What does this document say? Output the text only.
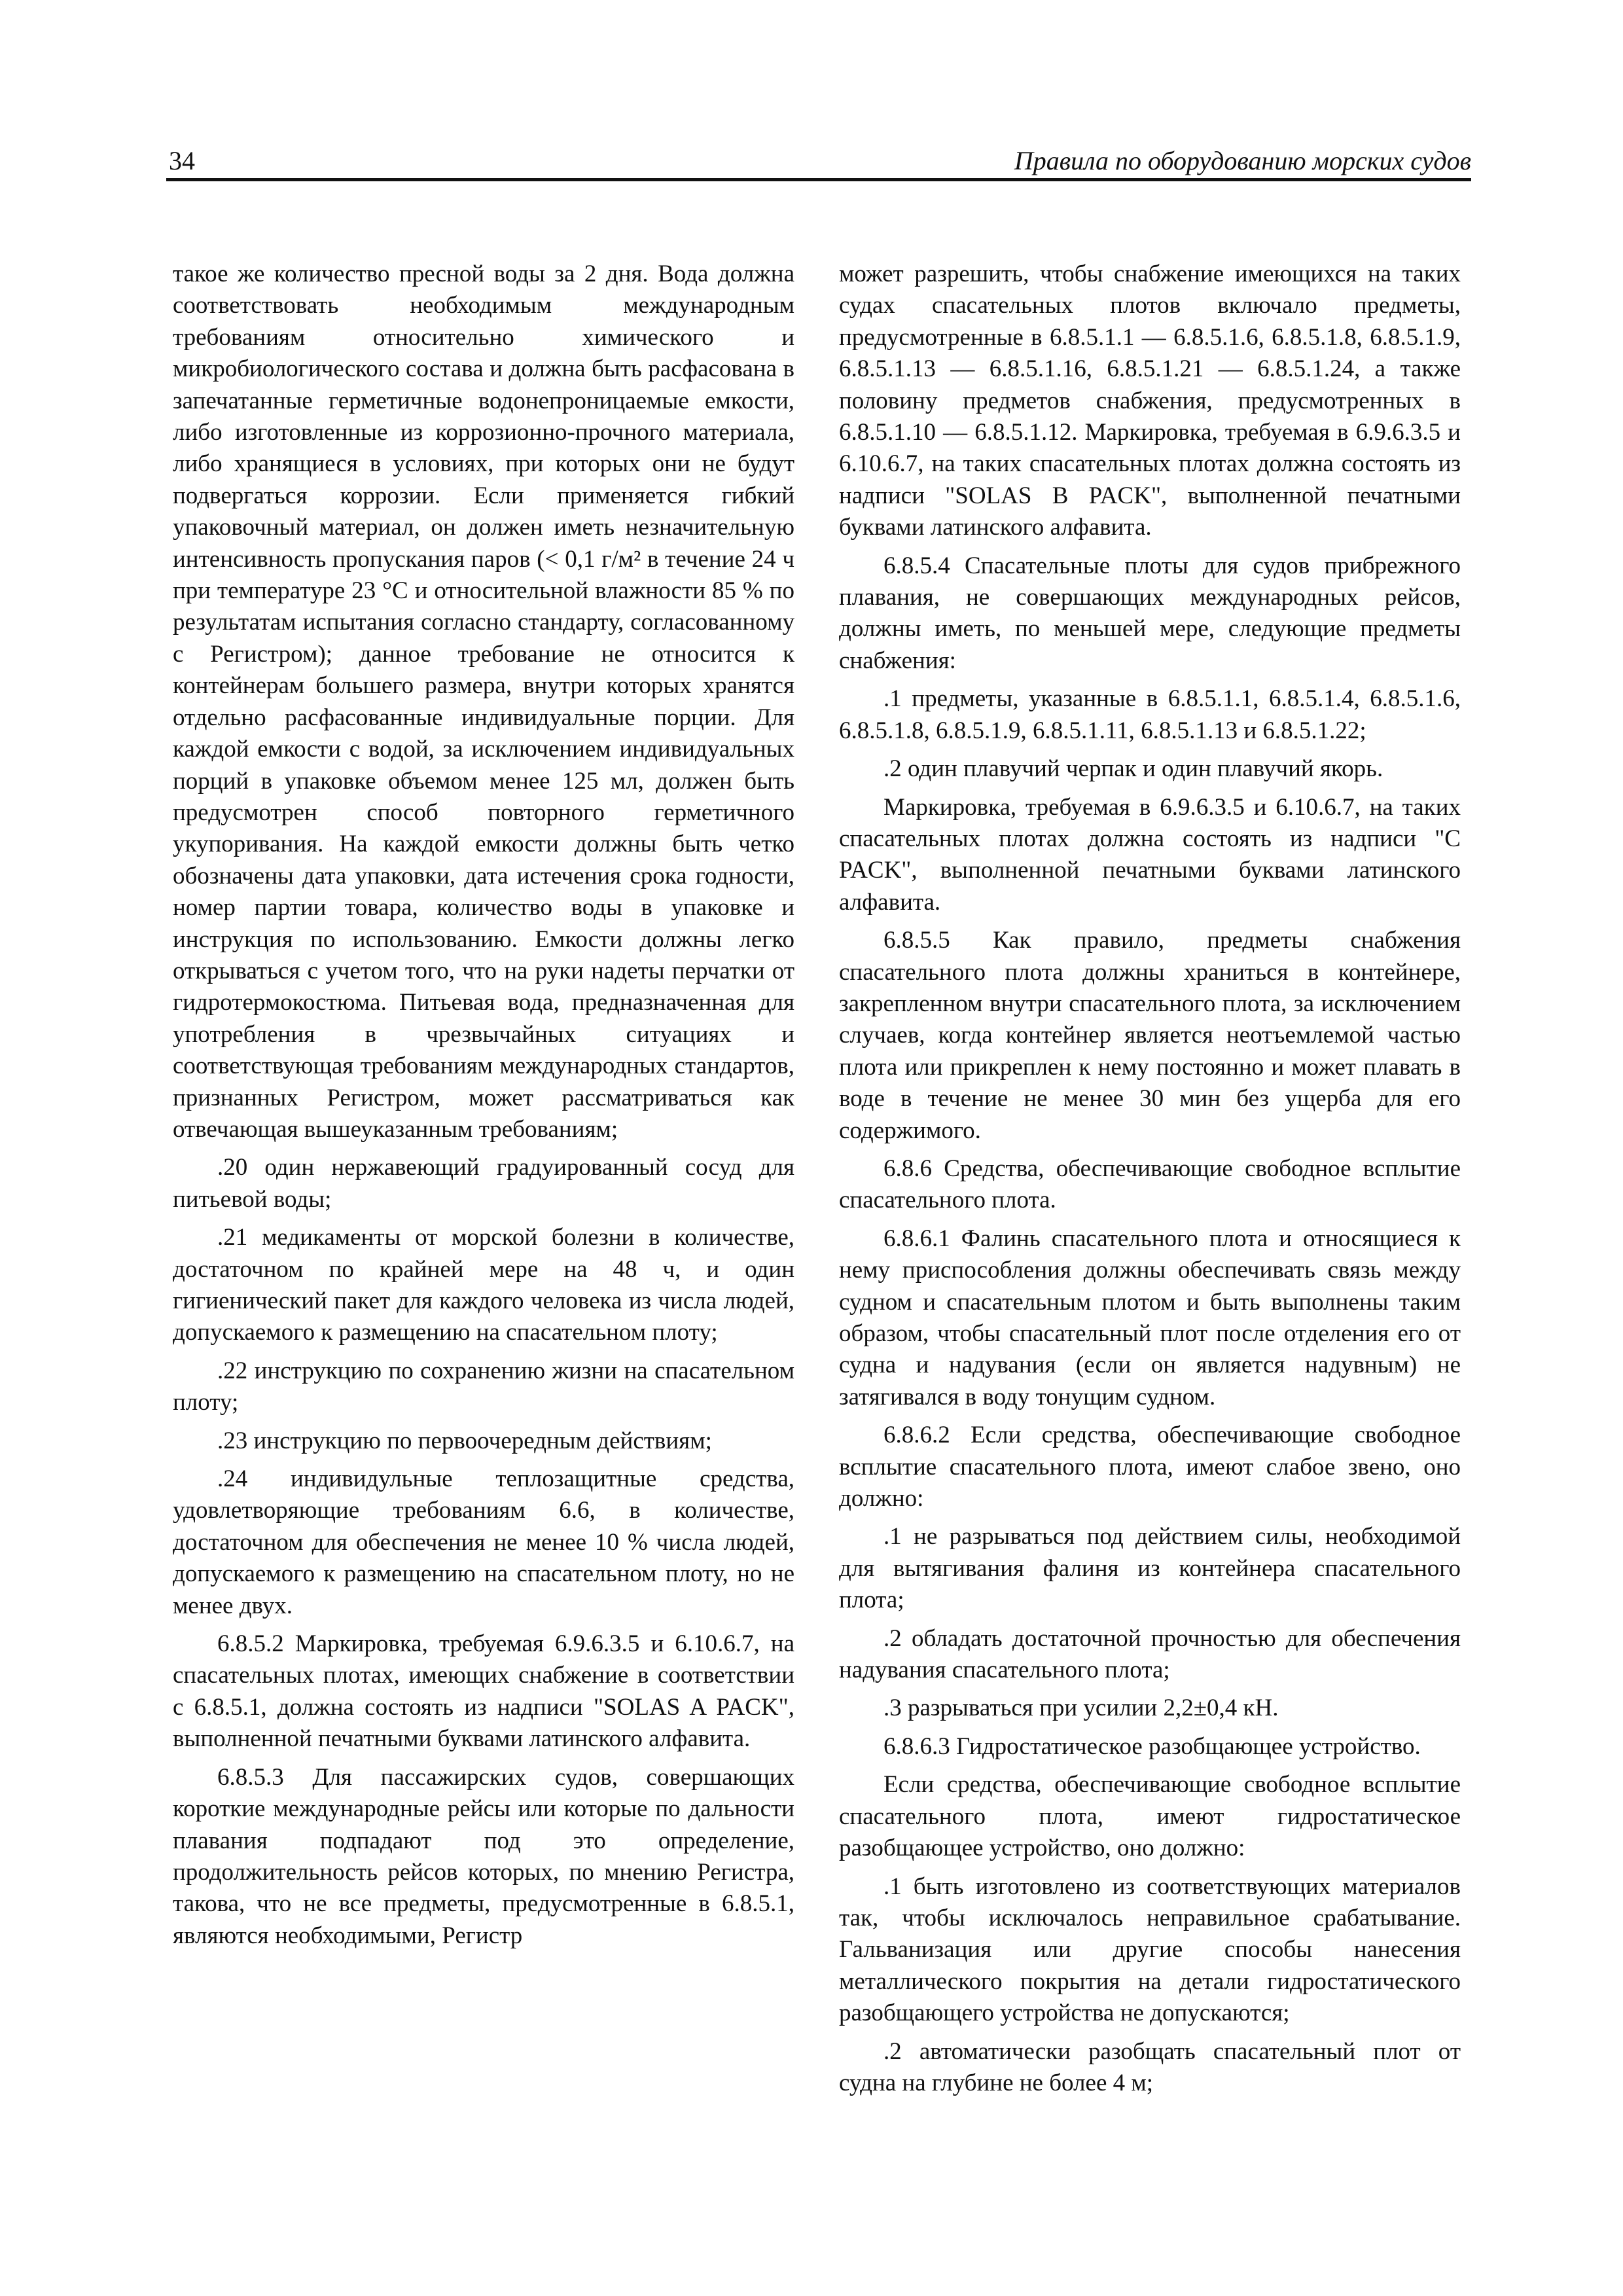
34	Правила по оборудованию морских судов

такое же количество пресной воды за 2 дня. Вода должна соответствовать необходимым международным требованиям относительно химического и микробиологического состава и должна быть расфасована в запечатанные герметичные водонепроницаемые емкости, либо изготовленные из коррозионно-прочного материала, либо хранящиеся в условиях, при которых они не будут подвергаться коррозии. Если применяется гибкий упаковочный материал, он должен иметь незначительную интенсивность пропускания паров (< 0,1 г/м² в течение 24 ч при температуре 23 °С и относительной влажности 85 % по результатам испытания согласно стандарту, согласованному с Регистром); данное требование не относится к контейнерам большего размера, внутри которых хранятся отдельно расфасованные индивидуальные порции. Для каждой емкости с водой, за исключением индивидуальных порций в упаковке объемом менее 125 мл, должен быть предусмотрен способ повторного герметичного укупоривания. На каждой емкости должны быть четко обозначены дата упаковки, дата истечения срока годности, номер партии товара, количество воды в упаковке и инструкция по использованию. Емкости должны легко открываться с учетом того, что на руки надеты перчатки от гидротермокостюма. Питьевая вода, предназначенная для употребления в чрезвычайных ситуациях и соответствующая требованиям международных стандартов, признанных Регистром, может рассматриваться как отвечающая вышеуказанным требованиям;

.20 один нержавеющий градуированный сосуд для питьевой воды;

.21 медикаменты от морской болезни в количестве, достаточном по крайней мере на 48 ч, и один гигиенический пакет для каждого человека из числа людей, допускаемого к размещению на спасательном плоту;

.22 инструкцию по сохранению жизни на спасательном плоту;

.23 инструкцию по первоочередным действиям;

.24 индивидульные теплозащитные средства, удовлетворяющие требованиям 6.6, в количестве, достаточном для обеспечения не менее 10 % числа людей, допускаемого к размещению на спасательном плоту, но не менее двух.

6.8.5.2 Маркировка, требуемая 6.9.6.3.5 и 6.10.6.7, на спасательных плотах, имеющих снабжение в соответствии с 6.8.5.1, должна состоять из надписи "SOLAS A PACK", выполненной печатными буквами латинского алфавита.

6.8.5.3 Для пассажирских судов, совершающих короткие международные рейсы или которые по дальности плавания подпадают под это определение, продолжительность рейсов которых, по мнению Регистра, такова, что не все предметы, предусмотренные в 6.8.5.1, являются необходимыми, Регистр

может разрешить, чтобы снабжение имеющихся на таких судах спасательных плотов включало предметы, предусмотренные в 6.8.5.1.1 — 6.8.5.1.6, 6.8.5.1.8, 6.8.5.1.9, 6.8.5.1.13 — 6.8.5.1.16, 6.8.5.1.21 — 6.8.5.1.24, а также половину предметов снабжения, предусмотренных в 6.8.5.1.10 — 6.8.5.1.12. Маркировка, требуемая в 6.9.6.3.5 и 6.10.6.7, на таких спасательных плотах должна состоять из надписи "SOLAS B PACK", выполненной печатными буквами латинского алфавита.

6.8.5.4 Спасательные плоты для судов прибрежного плавания, не совершающих международных рейсов, должны иметь, по меньшей мере, следующие предметы снабжения:

.1 предметы, указанные в 6.8.5.1.1, 6.8.5.1.4, 6.8.5.1.6, 6.8.5.1.8, 6.8.5.1.9, 6.8.5.1.11, 6.8.5.1.13 и 6.8.5.1.22;

.2 один плавучий черпак и один плавучий якорь.

Маркировка, требуемая в 6.9.6.3.5 и 6.10.6.7, на таких спасательных плотах должна состоять из надписи "C PACK", выполненной печатными буквами латинского алфавита.

6.8.5.5 Как правило, предметы снабжения спасательного плота должны храниться в контейнере, закрепленном внутри спасательного плота, за исключением случаев, когда контейнер является неотъемлемой частью плота или прикреплен к нему постоянно и может плавать в воде в течение не менее 30 мин без ущерба для его содержимого.

6.8.6 Средства, обеспечивающие свободное всплытие спасательного плота.

6.8.6.1 Фалинь спасательного плота и относящиеся к нему приспособления должны обеспечивать связь между судном и спасательным плотом и быть выполнены таким образом, чтобы спасательный плот после отделения его от судна и надувания (если он является надувным) не затягивался в воду тонущим судном.

6.8.6.2 Если средства, обеспечивающие свободное всплытие спасательного плота, имеют слабое звено, оно должно:

.1 не разрываться под действием силы, необходимой для вытягивания фалиня из контейнера спасательного плота;

.2 обладать достаточной прочностью для обеспечения надувания спасательного плота;

.3 разрываться при усилии 2,2±0,4 кН.

6.8.6.3 Гидростатическое разобщающее устройство.

Если средства, обеспечивающие свободное всплытие спасательного плота, имеют гидростатическое разобщающее устройство, оно должно:

.1 быть изготовлено из соответствующих материалов так, чтобы исключалось неправильное срабатывание. Гальванизация или другие способы нанесения металлического покрытия на детали гидростатического разобщающего устройства не допускаются;

.2 автоматически разобщать спасательный плот от судна на глубине не более 4 м;
